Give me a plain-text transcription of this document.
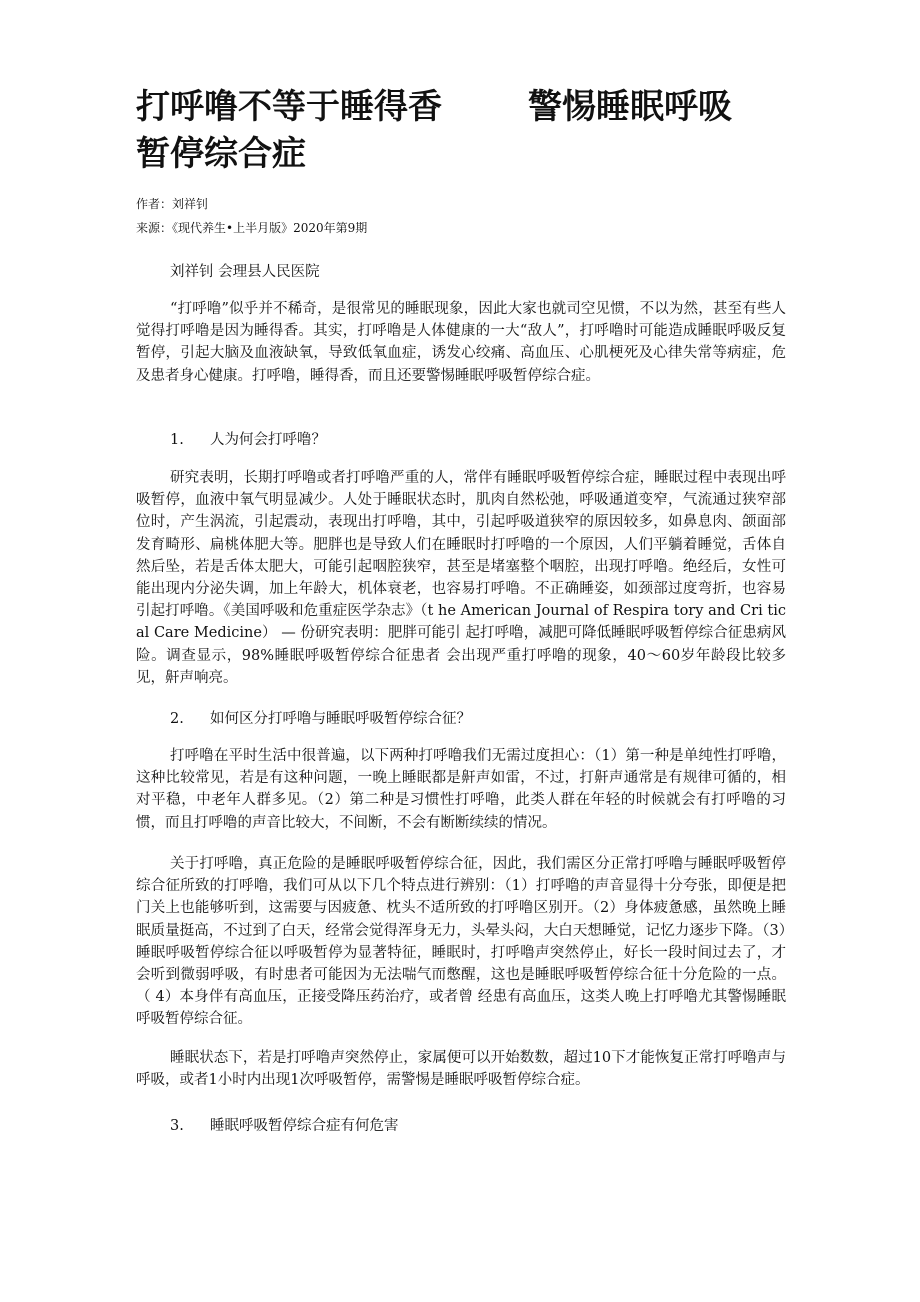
打呼噜不等于睡得香	警惕睡眠呼吸
暂停综合症
作者：刘祥钊
来源：《现代养生•上半月版》2020年第9期

刘祥钊 会理县人民医院

“打呼噜”似乎并不稀奇，是很常见的睡眠现象，因此大家也就司空见惯，不以为然，甚至有些人觉得打呼噜是因为睡得香。其实，打呼噜是人体健康的一大“敌人”，打呼噜时可能造成睡眠呼吸反复暂停，引起大脑及血液缺氧，导致低氧血症，诱发心绞痛、高血压、心肌梗死及心律失常等病症，危及患者身心健康。打呼噜，睡得香，而且还要警惕睡眠呼吸暂停综合症。

1. 人为何会打呼噜？

研究表明，长期打呼噜或者打呼噜严重的人，常伴有睡眠呼吸暂停综合症，睡眠过程中表现出呼吸暂停，血液中氧气明显减少。人处于睡眠状态时，肌肉自然松弛，呼吸通道变窄，气流通过狭窄部位时，产生涡流，引起震动，表现出打呼噜，其中，引起呼吸道狭窄的原因较多，如鼻息肉、颌面部发育畸形、扁桃体肥大等。肥胖也是导致人们在睡眠时打呼噜的一个原因，人们平躺着睡觉，舌体自然后坠，若是舌体太肥大，可能引起咽腔狭窄，甚至是堵塞整个咽腔，出现打呼噜。绝经后，女性可能出现内分泌失调，加上年龄大，机体衰老，也容易打呼噜。不正确睡姿，如颈部过度弯折，也容易引起打呼噜。《美国呼吸和危重症医学杂志》（t he American Journal of Respira tory and Cri tical Care Medicine） — 份研究表明：肥胖可能引 起打呼噜，减肥可降低睡眠呼吸暂停综合征患病风险。调查显示，98%睡眠呼吸暂停综合征患者 会出现严重打呼噜的现象，40～60岁年龄段比较多见，鼾声响亮。

2. 如何区分打呼噜与睡眠呼吸暂停综合征？

打呼噜在平时生活中很普遍，以下两种打呼噜我们无需过度担心：（1）第一种是单纯性打呼噜，这种比较常见，若是有这种问题，一晚上睡眠都是鼾声如雷，不过，打鼾声通常是有规律可循的，相对平稳，中老年人群多见。（2）第二种是习惯性打呼噜，此类人群在年轻的时候就会有打呼噜的习惯，而且打呼噜的声音比较大，不间断，不会有断断续续的情况。

关于打呼噜，真正危险的是睡眠呼吸暂停综合征，因此，我们需区分正常打呼噜与睡眠呼吸暂停综合征所致的打呼噜，我们可从以下几个特点进行辨别：（1）打呼噜的声音显得十分夸张，即便是把门关上也能够听到，这需要与因疲惫、枕头不适所致的打呼噜区别开。（2）身体疲惫感，虽然晚上睡眠质量挺高，不过到了白天，经常会觉得浑身无力，头晕头闷，大白天想睡觉，记忆力逐步下降。（3）睡眠呼吸暂停综合征以呼吸暂停为显著特征，睡眠时，打呼噜声突然停止，好长一段时间过去了，才会听到微弱呼吸，有时患者可能因为无法喘气而憋醒，这也是睡眠呼吸暂停综合征十分危险的一点。 （ 4）本身伴有高血压，正接受降压药治疗，或者曾 经患有高血压，这类人晚上打呼噜尤其警惕睡眠呼吸暂停综合征。

睡眠状态下，若是打呼噜声突然停止，家属便可以开始数数，超过10下才能恢复正常打呼噜声与呼吸，或者1小时内出现1次呼吸暂停，需警惕是睡眠呼吸暂停综合症。

3. 睡眠呼吸暂停综合症有何危害
